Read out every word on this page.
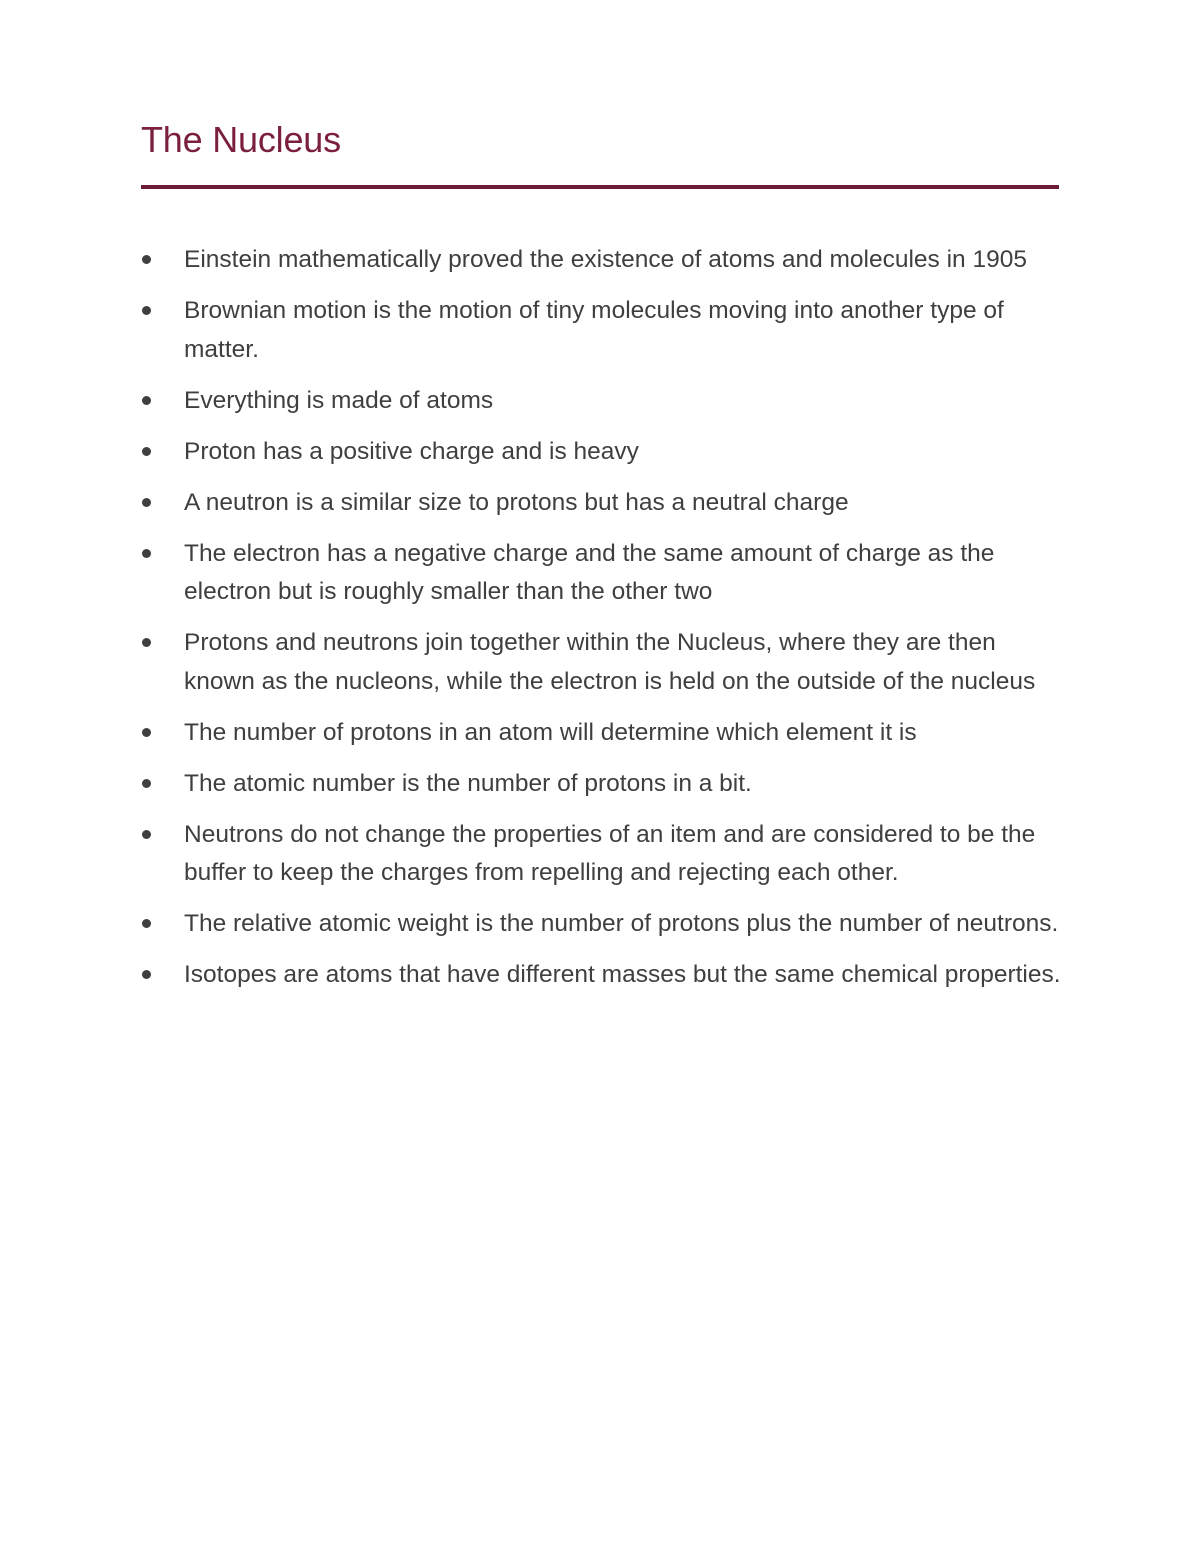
The Nucleus
Einstein mathematically proved the existence of atoms and molecules in 1905
Brownian motion is the motion of tiny molecules moving into another type of matter.
Everything is made of atoms
Proton has a positive charge and is heavy
A neutron is a similar size to protons but has a neutral charge
The electron has a negative charge and the same amount of charge as the electron but is roughly smaller than the other two
Protons and neutrons join together within the Nucleus, where they are then known as the nucleons, while the electron is held on the outside of the nucleus
The number of protons in an atom will determine which element it is
The atomic number is the number of protons in a bit.
Neutrons do not change the properties of an item and are considered to be the buffer to keep the charges from repelling and rejecting each other.
The relative atomic weight is the number of protons plus the number of neutrons.
Isotopes are atoms that have different masses but the same chemical properties.
